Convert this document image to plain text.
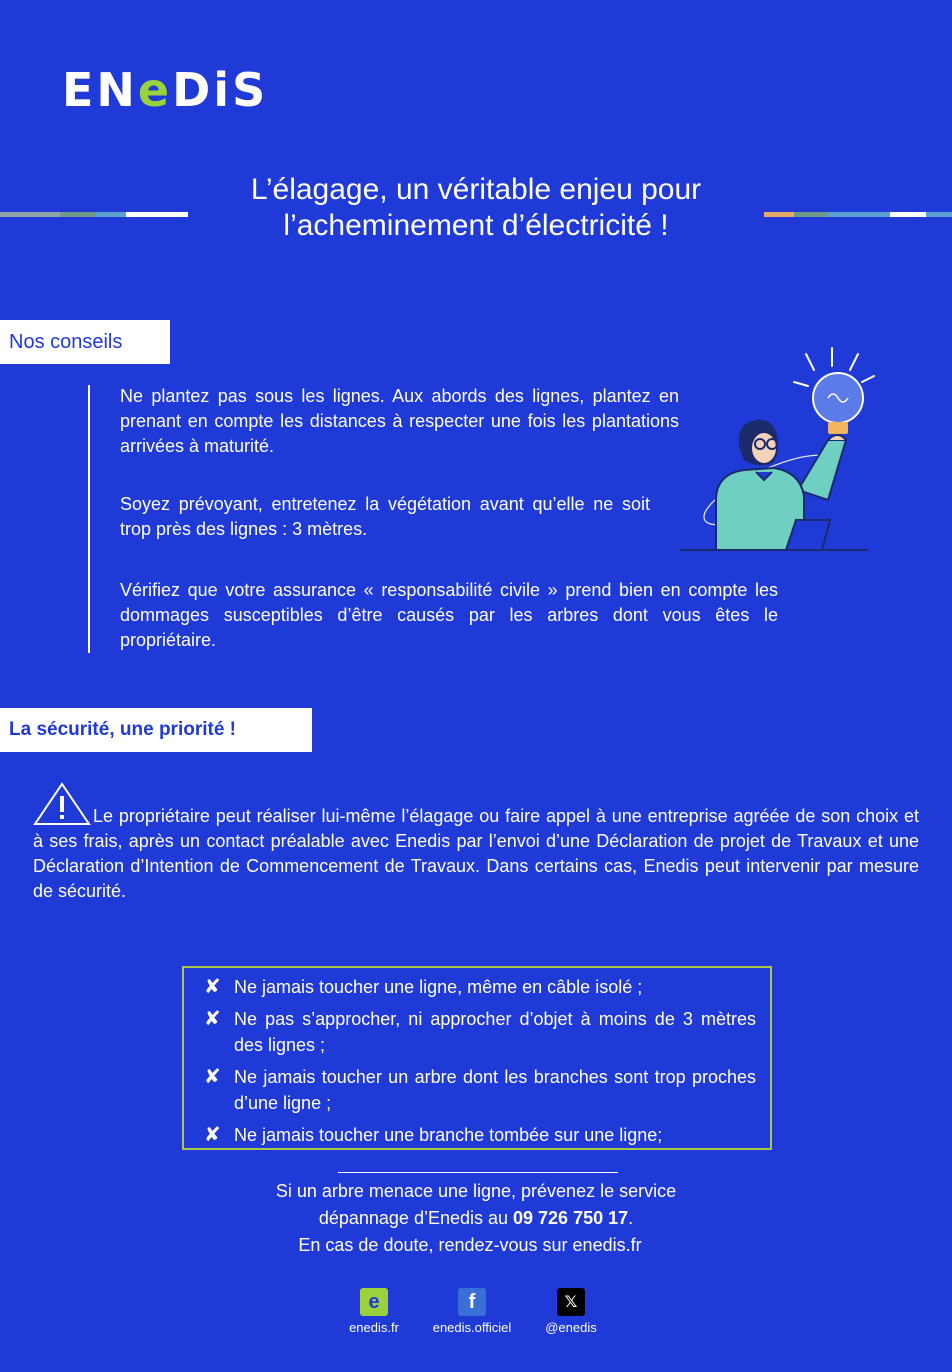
ENeDiS
L’élagage, un véritable enjeu pour
l’acheminement d’électricité !
Nos conseils

Ne plantez pas sous les lignes. Aux abords des lignes, plantez en prenant en compte les distances à respecter une fois les plantations arrivées à maturité.

Soyez prévoyant, entretenez la végétation avant qu’elle ne soit trop près des lignes : 3 mètres.

Vérifiez que votre assurance « responsabilité civile » prend bien en compte les dommages susceptibles d’être causés par les arbres dont vous êtes le propriétaire.

La sécurité, une priorité !
Le propriétaire peut réaliser lui-même l’élagage ou faire appel à une entreprise agréée de son choix et à ses frais, après un contact préalable avec Enedis par l’envoi d’une Déclaration de projet de Travaux et une Déclaration d’Intention de Commencement de Travaux. Dans certains cas, Enedis peut intervenir par mesure de sécurité.
✘ Ne jamais toucher une ligne, même en câble isolé ;
✘ Ne pas s’approcher, ni approcher d’objet à moins de 3 mètres des lignes ;
✘ Ne jamais toucher un arbre dont les branches sont trop proches d’une ligne ;
✘ Ne jamais toucher une branche tombée sur une ligne;
Si un arbre menace une ligne, prévenez le service
dépannage d’Enedis au 09 726 750 17.
En cas de doute, rendez-vous sur enedis.fr
e
enedis.fr
f
enedis.officiel
𝕏
@enedis
